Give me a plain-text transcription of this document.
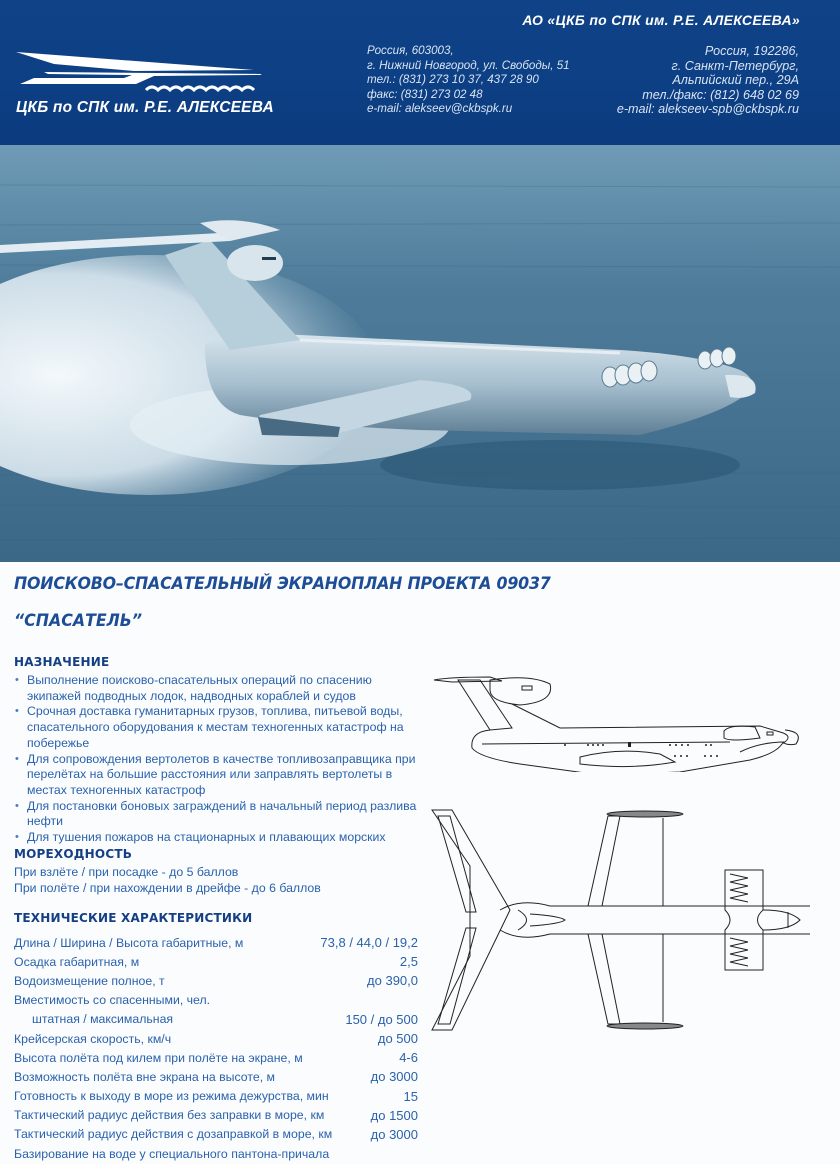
ЦКБ по СПК им. Р.Е. АЛЕКСЕЕВА
АО «ЦКБ по СПК им. Р.Е. АЛЕКСЕЕВА»
Россия, 603003,
г. Нижний Новгород, ул. Свободы, 51
тел.: (831) 273 10 37, 437 28 90
факс: (831) 273 02 48
e-mail: alekseev@ckbspk.ru
Россия, 192286,
г. Санкт-Петербург,
Альпийский пер., 29А
тел./факс: (812) 648 02 69
e-mail: alekseev-spb@ckbspk.ru
ПОИСКОВО–СПАСАТЕЛЬНЫЙ ЭКРАНОПЛАН ПРОЕКТА 09037
“СПАСАТЕЛЬ”
НАЗНАЧЕНИЕ
• Выполнение поисково-спасательных операций по спасению экипажей подводных лодок, надводных кораблей и судов
• Срочная доставка гуманитарных грузов, топлива, питьевой воды, спасательного оборудования к местам техногенных катастроф на побережье
• Для сопровождения вертолетов в качестве топливозаправщика при перелётах на большие расстояния или заправлять вертолеты в местах техногенных катастроф
• Для постановки боновых заграждений в начальный период разлива нефти
• Для тушения пожаров на стационарных и плавающих морских
МОРЕХОДНОСТЬ
При взлёте / при посадке - до 5 баллов
При полёте / при нахождении в дрейфе - до 6 баллов
ТЕХНИЧЕСКИЕ ХАРАКТЕРИСТИКИ
Длина / Ширина / Высота габаритные, м	73,8 / 44,0 / 19,2
Осадка габаритная, м	2,5
Водоизмещение полное, т	до 390,0
Вместимость со спасенными, чел.
штатная / максимальная	150 / до 500
Крейсерская скорость, км/ч	до 500
Высота полёта под килем при полёте на экране, м	4-6
Возможность полёта вне экрана на высоте, м	до 3000
Готовность к выходу в море из режима дежурства, мин	15
Тактический радиус действия без заправки в море, км	до 1500
Тактический радиус действия с дозаправкой в море, км	до 3000
Базирование на воде у специального пантона-причала
